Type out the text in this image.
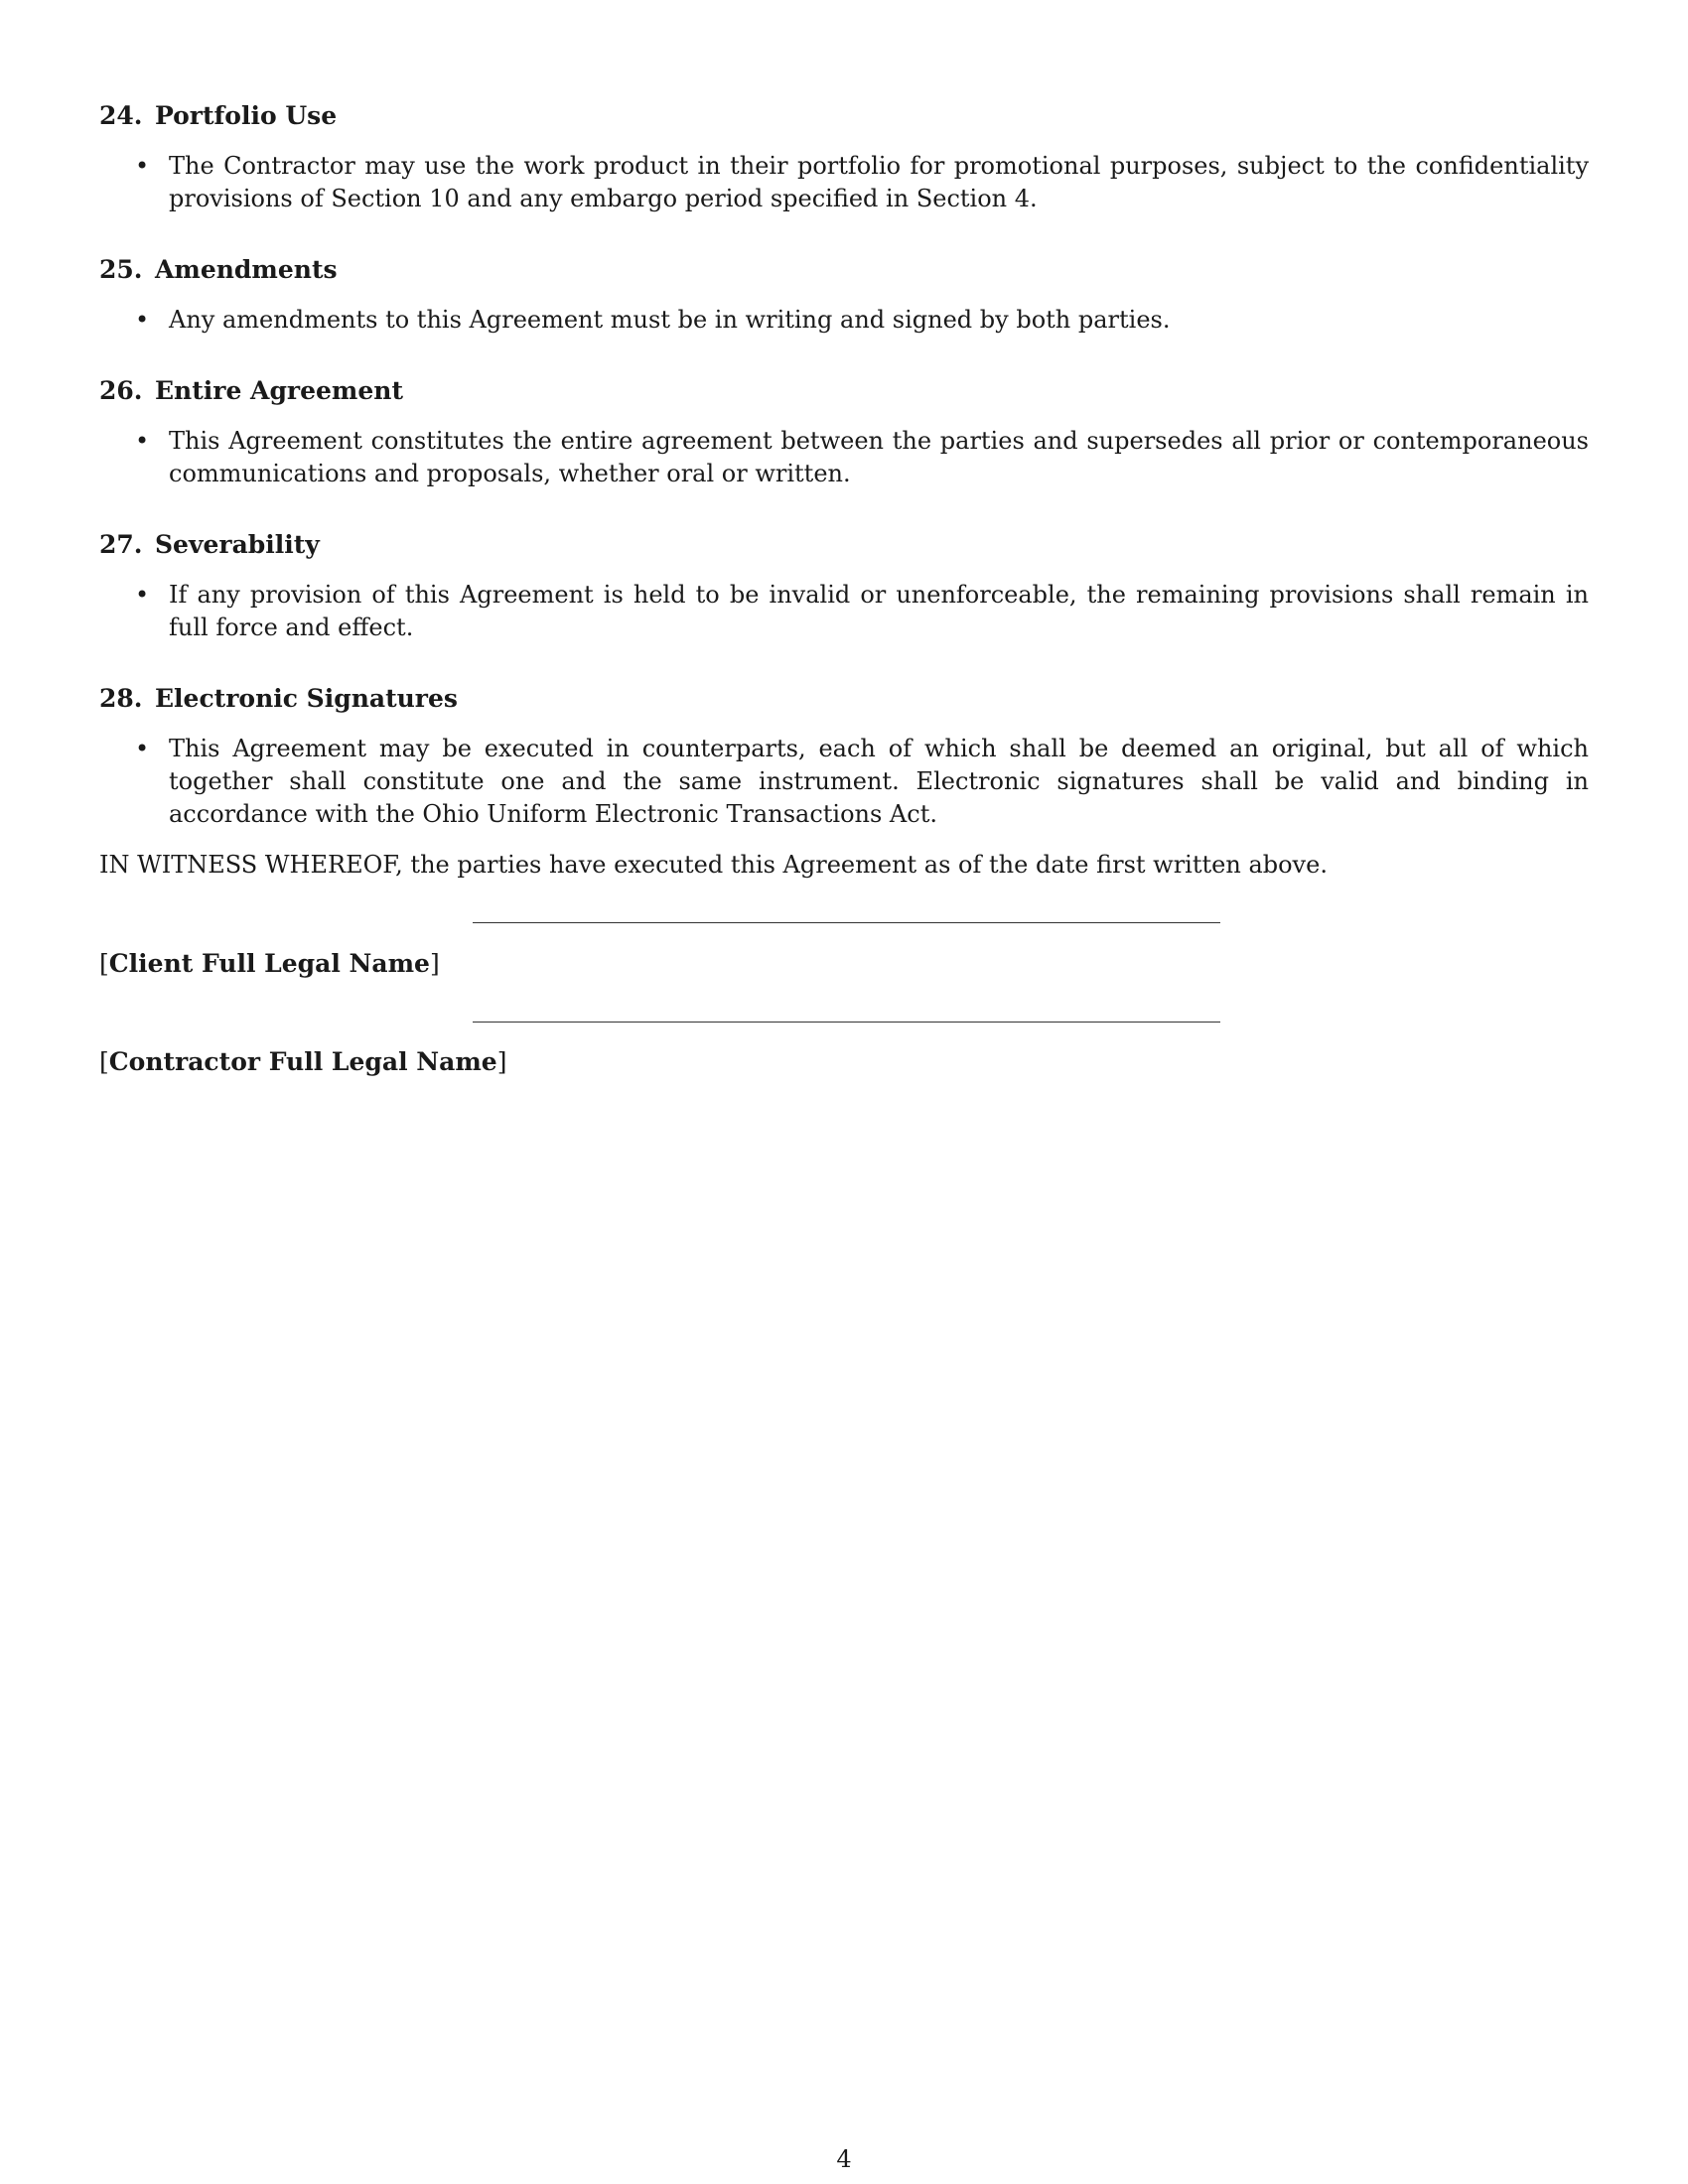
24. Portfolio Use
• The Contractor may use the work product in their portfolio for promotional purposes, subject to the confidentiality provisions of Section 10 and any embargo period specified in Section 4.

25. Amendments
• Any amendments to this Agreement must be in writing and signed by both parties.

26. Entire Agreement
• This Agreement constitutes the entire agreement between the parties and supersedes all prior or contemporaneous communications and proposals, whether oral or written.

27. Severability
• If any provision of this Agreement is held to be invalid or unenforceable, the remaining provisions shall remain in full force and effect.

28. Electronic Signatures
• This Agreement may be executed in counterparts, each of which shall be deemed an original, but all of which together shall constitute one and the same instrument. Electronic signatures shall be valid and binding in accordance with the Ohio Uniform Electronic Transactions Act.

IN WITNESS WHEREOF, the parties have executed this Agreement as of the date first written above.

[Client Full Legal Name]
[Contractor Full Legal Name]
4
